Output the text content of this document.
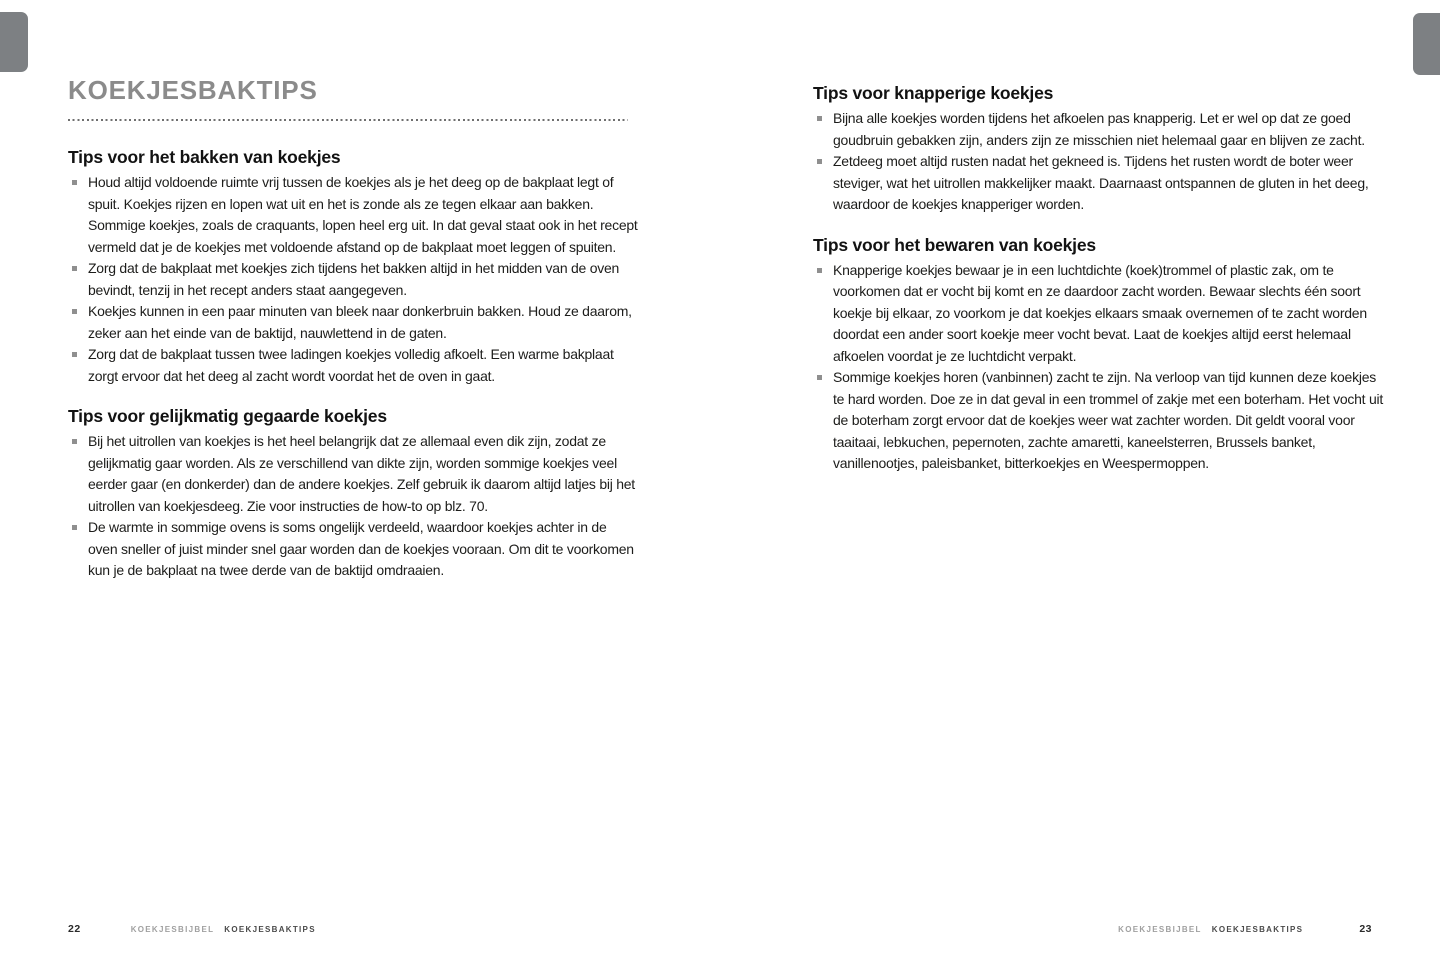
KOEKJESBAKTIPS
Tips voor het bakken van koekjes
Houd altijd voldoende ruimte vrij tussen de koekjes als je het deeg op de bakplaat legt of spuit. Koekjes rijzen en lopen wat uit en het is zonde als ze tegen elkaar aan bakken. Sommige koekjes, zoals de craquants, lopen heel erg uit. In dat geval staat ook in het recept vermeld dat je de koekjes met voldoende afstand op de bakplaat moet leggen of spuiten.
Zorg dat de bakplaat met koekjes zich tijdens het bakken altijd in het midden van de oven bevindt, tenzij in het recept anders staat aangegeven.
Koekjes kunnen in een paar minuten van bleek naar donkerbruin bakken. Houd ze daarom, zeker aan het einde van de baktijd, nauwlettend in de gaten.
Zorg dat de bakplaat tussen twee ladingen koekjes volledig afkoelt. Een warme bakplaat zorgt ervoor dat het deeg al zacht wordt voordat het de oven in gaat.
Tips voor gelijkmatig gegaarde koekjes
Bij het uitrollen van koekjes is het heel belangrijk dat ze allemaal even dik zijn, zodat ze gelijkmatig gaar worden. Als ze verschillend van dikte zijn, worden sommige koekjes veel eerder gaar (en donkerder) dan de andere koekjes. Zelf gebruik ik daarom altijd latjes bij het uitrollen van koekjesdeeg. Zie voor instructies de how-to op blz. 70.
De warmte in sommige ovens is soms ongelijk verdeeld, waardoor koekjes achter in de oven sneller of juist minder snel gaar worden dan de koekjes vooraan. Om dit te voorkomen kun je de bakplaat na twee derde van de baktijd omdraaien.
Tips voor knapperige koekjes
Bijna alle koekjes worden tijdens het afkoelen pas knapperig. Let er wel op dat ze goed goudbruin gebakken zijn, anders zijn ze misschien niet helemaal gaar en blijven ze zacht.
Zetdeeg moet altijd rusten nadat het gekneed is. Tijdens het rusten wordt de boter weer steviger, wat het uitrollen makkelijker maakt. Daarnaast ontspannen de gluten in het deeg, waardoor de koekjes knapperiger worden.
Tips voor het bewaren van koekjes
Knapperige koekjes bewaar je in een luchtdichte (koek)trommel of plastic zak, om te voorkomen dat er vocht bij komt en ze daardoor zacht worden. Bewaar slechts één soort koekje bij elkaar, zo voorkom je dat koekjes elkaars smaak overnemen of te zacht worden doordat een ander soort koekje meer vocht bevat. Laat de koekjes altijd eerst helemaal afkoelen voordat je ze luchtdicht verpakt.
Sommige koekjes horen (vanbinnen) zacht te zijn. Na verloop van tijd kunnen deze koekjes te hard worden. Doe ze in dat geval in een trommel of zakje met een boterham. Het vocht uit de boterham zorgt ervoor dat de koekjes weer wat zachter worden. Dit geldt vooral voor taaitaai, lebkuchen, pepernoten, zachte amaretti, kaneelsterren, Brussels banket, vanillenootjes, paleisbanket, bitterkoekjes en Weespermoppen.
22	KOEKJESBIJBEL KOEKJESBAKTIPS	KOEKJESBIJBEL KOEKJESBAKTIPS	23
